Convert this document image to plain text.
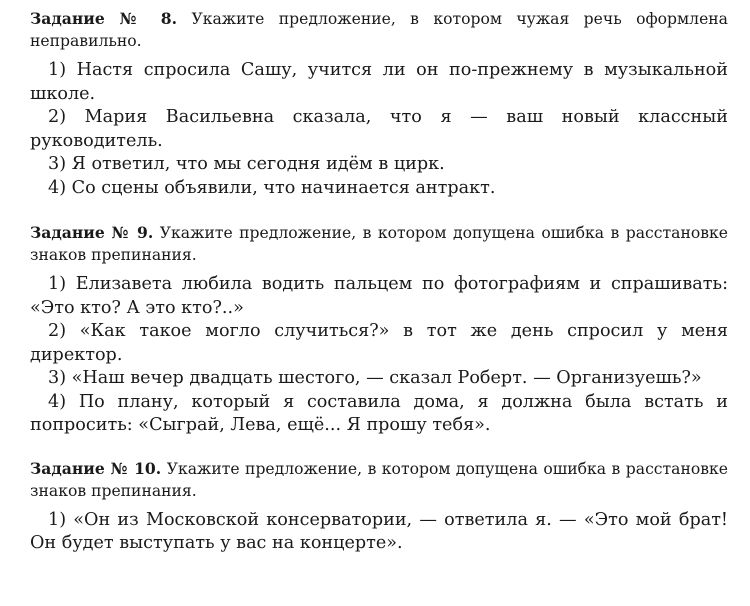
Задание № 8. Укажите предложение, в котором чужая речь оформлена неправильно.

1) Настя спросила Сашу, учится ли он по-прежнему в музыкальной школе.

2) Мария Васильевна сказала, что я — ваш новый классный руководитель.

3) Я ответил, что мы сегодня идём в цирк.

4) Со сцены объявили, что начинается антракт.

Задание № 9. Укажите предложение, в котором допущена ошибка в расстановке знаков препинания.

1) Елизавета любила водить пальцем по фотографиям и спрашивать: «Это кто? А это кто?..»

2) «Как такое могло случиться?» в тот же день спросил у меня директор.

3) «Наш вечер двадцать шестого, — сказал Роберт. — Организуешь?»

4) По плану, который я составила дома, я должна была встать и попросить: «Сыграй, Лева, ещё... Я прошу тебя».

Задание № 10. Укажите предложение, в котором допущена ошибка в расстановке знаков препинания.

1) «Он из Московской консерватории, — ответила я. — «Это мой брат! Он будет выступать у вас на концерте».
